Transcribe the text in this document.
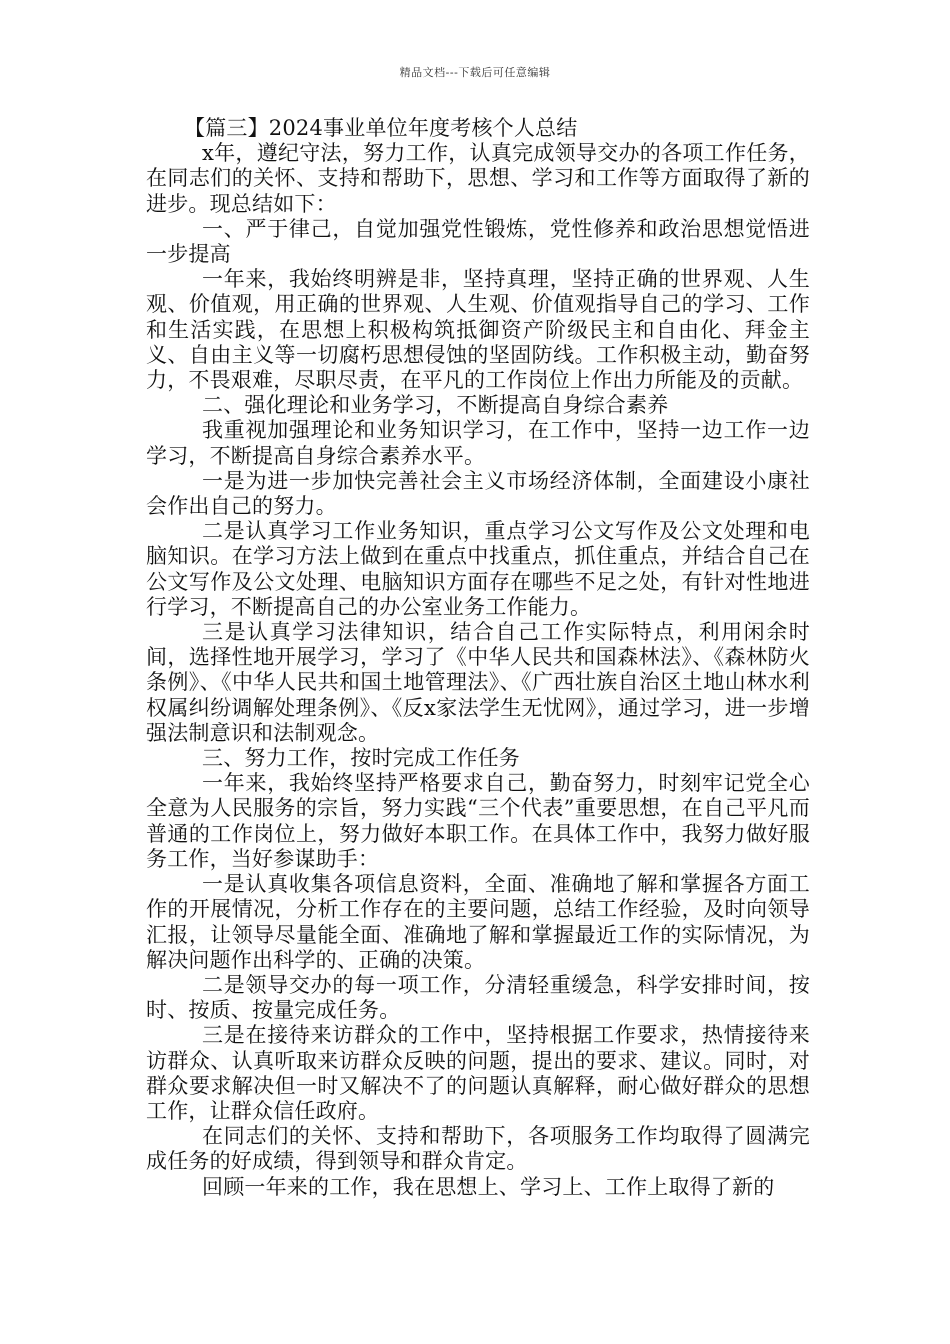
精品文档---下载后可任意编辑
【篇三】2024事业单位年度考核个人总结

x年，遵纪守法，努力工作，认真完成领导交办的各项工作任务，在同志们的关怀、支持和帮助下，思想、学习和工作等方面取得了新的进步。现总结如下：

一、严于律己，自觉加强党性锻炼，党性修养和政治思想觉悟进一步提高

一年来，我始终明辨是非，坚持真理，坚持正确的世界观、人生观、价值观，用正确的世界观、人生观、价值观指导自己的学习、工作和生活实践，在思想上积极构筑抵御资产阶级民主和自由化、拜金主义、自由主义等一切腐朽思想侵蚀的坚固防线。工作积极主动，勤奋努力，不畏艰难，尽职尽责，在平凡的工作岗位上作出力所能及的贡献。

二、强化理论和业务学习，不断提高自身综合素养

我重视加强理论和业务知识学习，在工作中，坚持一边工作一边学习，不断提高自身综合素养水平。

一是为进一步加快完善社会主义市场经济体制，全面建设小康社会作出自己的努力。

二是认真学习工作业务知识，重点学习公文写作及公文处理和电脑知识。在学习方法上做到在重点中找重点，抓住重点，并结合自己在公文写作及公文处理、电脑知识方面存在哪些不足之处，有针对性地进行学习，不断提高自己的办公室业务工作能力。

三是认真学习法律知识，结合自己工作实际特点，利用闲余时间，选择性地开展学习，学习了《中华人民共和国森林法》、《森林防火条例》、《中华人民共和国土地管理法》、《广西壮族自治区土地山林水利权属纠纷调解处理条例》、《反x家法学生无忧网》，通过学习，进一步增强法制意识和法制观念。

三、努力工作，按时完成工作任务

一年来，我始终坚持严格要求自己，勤奋努力，时刻牢记党全心全意为人民服务的宗旨，努力实践“三个代表”重要思想，在自己平凡而普通的工作岗位上，努力做好本职工作。在具体工作中，我努力做好服务工作，当好参谋助手：

一是认真收集各项信息资料，全面、准确地了解和掌握各方面工作的开展情况，分析工作存在的主要问题，总结工作经验，及时向领导汇报，让领导尽量能全面、准确地了解和掌握最近工作的实际情况，为解决问题作出科学的、正确的决策。

二是领导交办的每一项工作，分清轻重缓急，科学安排时间，按时、按质、按量完成任务。

三是在接待来访群众的工作中，坚持根据工作要求，热情接待来访群众、认真听取来访群众反映的问题，提出的要求、建议。同时，对群众要求解决但一时又解决不了的问题认真解释，耐心做好群众的思想工作，让群众信任政府。

在同志们的关怀、支持和帮助下，各项服务工作均取得了圆满完成任务的好成绩，得到领导和群众肯定。

回顾一年来的工作，我在思想上、学习上、工作上取得了新的
